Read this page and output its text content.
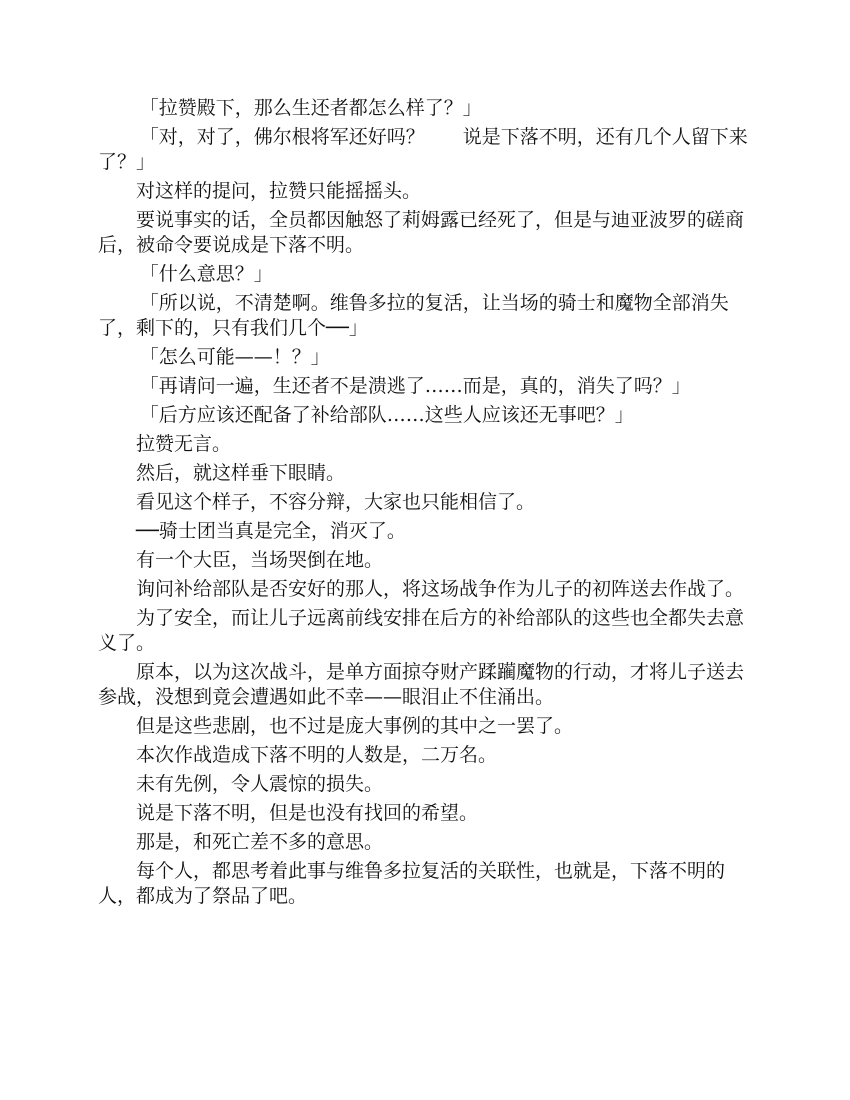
「拉赞殿下，那么生还者都怎么样了？」

「对，对了，佛尔根将军还好吗？　　说是下落不明，还有几个人留下来了？」

对这样的提问，拉赞只能摇摇头。

要说事实的话，全员都因触怒了莉姆露已经死了，但是与迪亚波罗的磋商后，被命令要说成是下落不明。

「什么意思？」

「所以说，不清楚啊。维鲁多拉的复活，让当场的骑士和魔物全部消失了，剩下的，只有我们几个──」

「怎么可能——！？」

「再请问一遍，生还者不是溃逃了……而是，真的，消失了吗？」

「后方应该还配备了补给部队……这些人应该还无事吧？」

拉赞无言。

然后，就这样垂下眼睛。

看见这个样子，不容分辩，大家也只能相信了。

──骑士团当真是完全，消灭了。

有一个大臣，当场哭倒在地。

询问补给部队是否安好的那人，将这场战争作为儿子的初阵送去作战了。

为了安全，而让儿子远离前线安排在后方的补给部队的这些也全都失去意义了。

原本，以为这次战斗，是单方面掠夺财产蹂躏魔物的行动，才将儿子送去参战，没想到竟会遭遇如此不幸——眼泪止不住涌出。

但是这些悲剧，也不过是庞大事例的其中之一罢了。

本次作战造成下落不明的人数是，二万名。

未有先例，令人震惊的损失。

说是下落不明，但是也没有找回的希望。

那是，和死亡差不多的意思。

每个人，都思考着此事与维鲁多拉复活的关联性，也就是，下落不明的人，都成为了祭品了吧。
